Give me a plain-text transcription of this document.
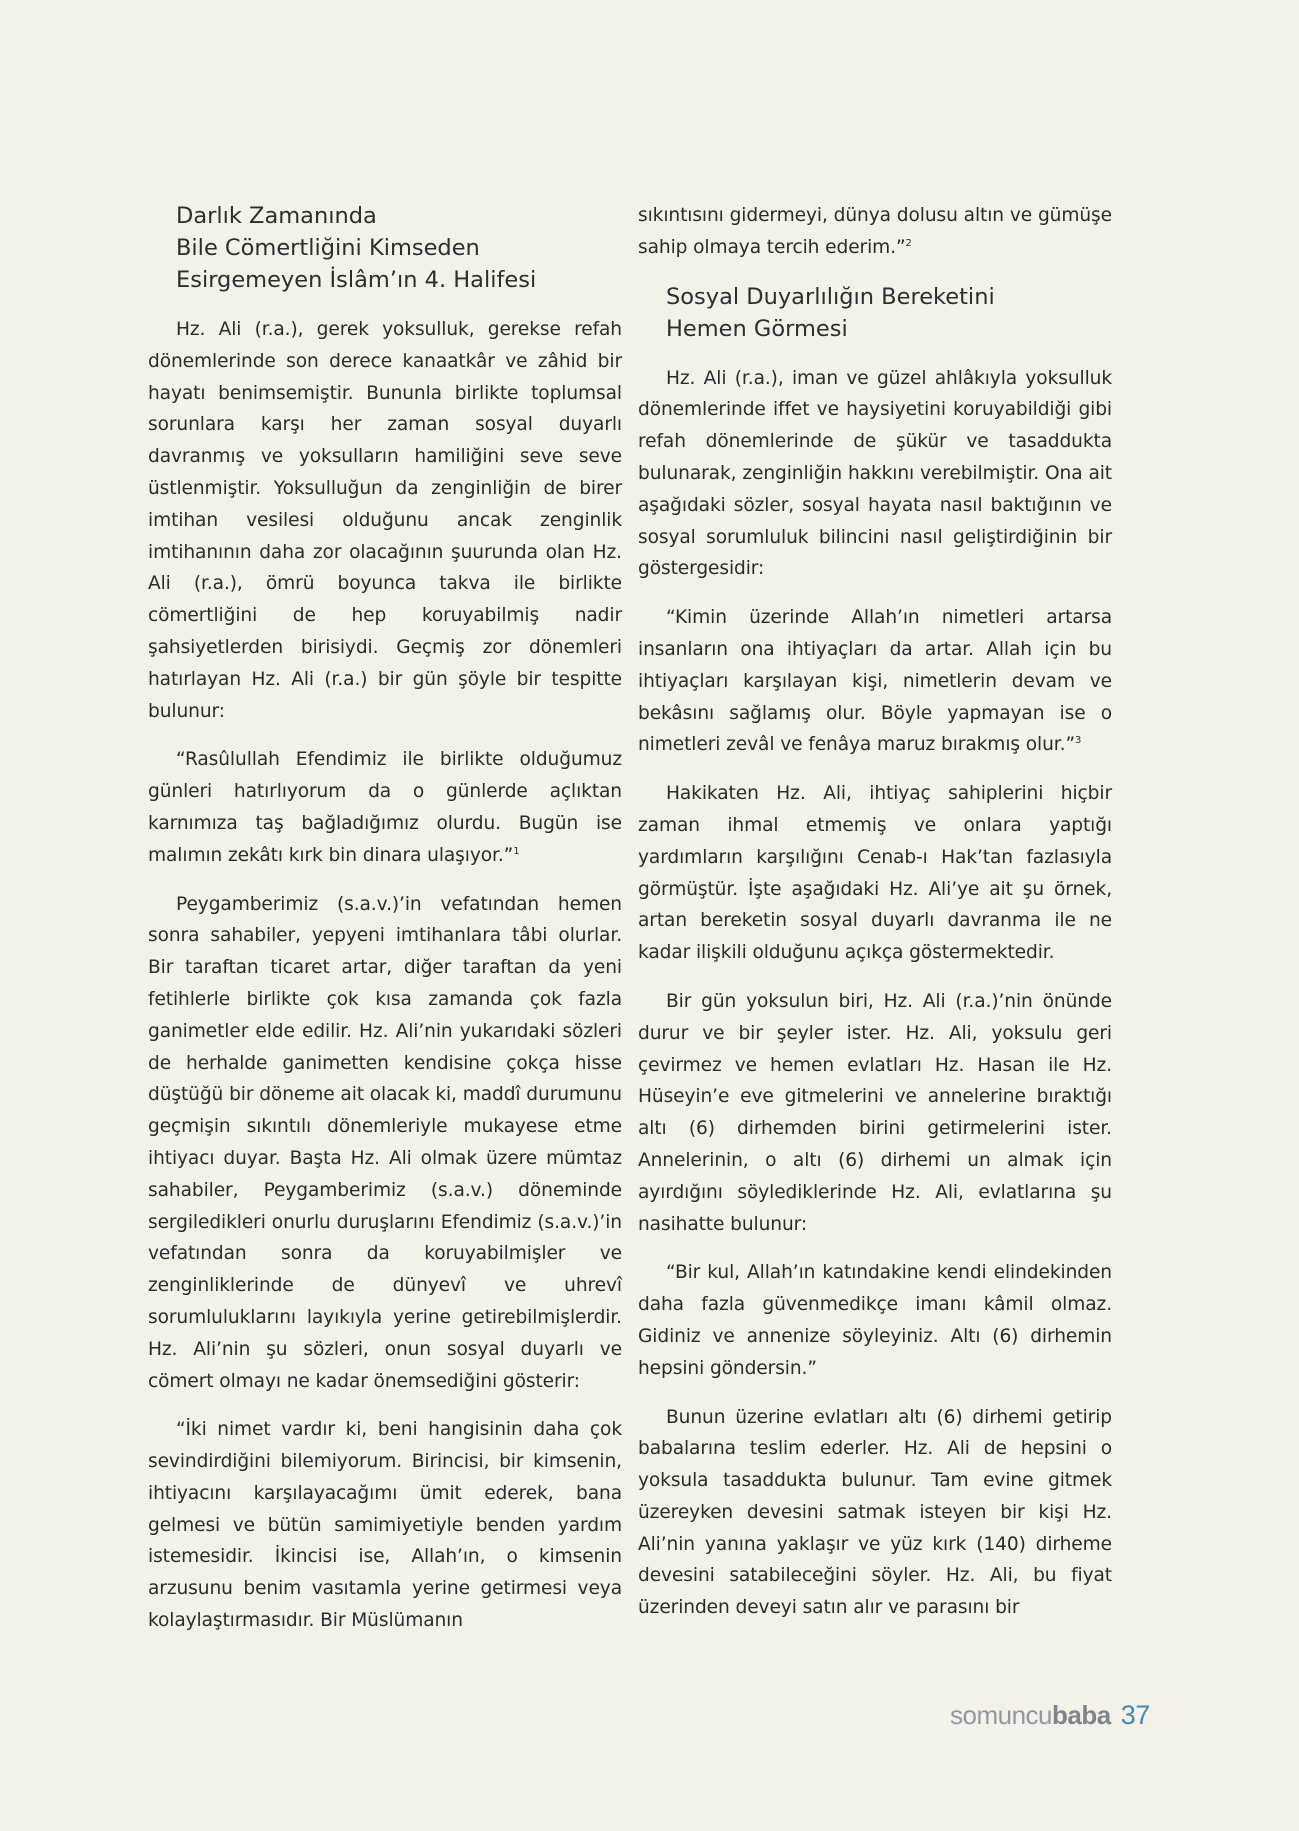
Darlık Zamanında
Bile Cömertliğini Kimseden
Esirgemeyen İslâm’ın 4. Halifesi

Hz. Ali (r.a.), gerek yoksulluk, gerekse refah dönemlerinde son derece kanaatkâr ve zâhid bir hayatı benimsemiştir. Bununla birlikte toplumsal sorunlara karşı her zaman sosyal duyarlı davranmış ve yoksulların hamiliğini seve seve üstlenmiştir. Yoksulluğun da zenginliğin de birer imtihan vesilesi olduğunu ancak zenginlik imtihanının daha zor olacağının şuurunda olan Hz. Ali (r.a.), ömrü boyunca takva ile birlikte cömertliğini de hep koruyabilmiş nadir şahsiyetlerden birisiydi. Geçmiş zor dönemleri hatırlayan Hz. Ali (r.a.) bir gün şöyle bir tespitte bulunur:

“Rasûlullah Efendimiz ile birlikte olduğumuz günleri hatırlıyorum da o günlerde açlıktan karnımıza taş bağladığımız olurdu. Bugün ise malımın zekâtı kırk bin dinara ulaşıyor.”$^1$

Peygamberimiz (s.a.v.)’in vefatından hemen sonra sahabiler, yepyeni imtihanlara tâbi olurlar. Bir taraftan ticaret artar, diğer taraftan da yeni fetihlerle birlikte çok kısa zamanda çok fazla ganimetler elde edilir. Hz. Ali’nin yukarıdaki sözleri de herhalde ganimetten kendisine çokça hisse düştüğü bir döneme ait olacak ki, maddî durumunu geçmişin sıkıntılı dönemleriyle mukayese etme ihtiyacı duyar. Başta Hz. Ali olmak üzere mümtaz sahabiler, Peygamberimiz (s.a.v.) döneminde sergiledikleri onurlu duruşlarını Efendimiz (s.a.v.)’in vefatından sonra da koruyabilmişler ve zenginliklerinde de dünyevî ve uhrevî sorumluluklarını layıkıyla yerine getirebilmişlerdir. Hz. Ali’nin şu sözleri, onun sosyal duyarlı ve cömert olmayı ne kadar önemsediğini gösterir:

“İki nimet vardır ki, beni hangisinin daha çok sevindirdiğini bilemiyorum. Birincisi, bir kimsenin, ihtiyacını karşılayacağımı ümit ederek, bana gelmesi ve bütün samimiyetiyle benden yardım istemesidir. İkincisi ise, Allah’ın, o kimsenin arzusunu benim vasıtamla yerine getirmesi veya kolaylaştırmasıdır. Bir Müslümanın

sıkıntısını gidermeyi, dünya dolusu altın ve gümüşe sahip olmaya tercih ederim.”$^2$

Sosyal Duyarlılığın Bereketini
Hemen Görmesi

Hz. Ali (r.a.), iman ve güzel ahlâkıyla yoksulluk dönemlerinde iffet ve haysiyetini koruyabildiği gibi refah dönemlerinde de şükür ve tasadduktа bulunarak, zenginliğin hakkını verebilmiştir. Ona ait aşağıdaki sözler, sosyal hayata nasıl baktığının ve sosyal sorumluluk bilincini nasıl geliştirdiğinin bir göstergesidir:

“Kimin üzerinde Allah’ın nimetleri artarsa insanların ona ihtiyaçları da artar. Allah için bu ihtiyaçları karşılayan kişi, nimetlerin devam ve bekâsını sağlamış olur. Böyle yapmayan ise o nimetleri zevâl ve fenâya maruz bırakmış olur.”$^3$

Hakikaten Hz. Ali, ihtiyaç sahiplerini hiçbir zaman ihmal etmemiş ve onlara yaptığı yardımların karşılığını Cenab-ı Hak’tan fazlasıyla görmüştür. İşte aşağıdaki Hz. Ali’ye ait şu örnek, artan bereketin sosyal duyarlı davranma ile ne kadar ilişkili olduğunu açıkça göstermektedir.

Bir gün yoksulun biri, Hz. Ali (r.a.)’nin önünde durur ve bir şeyler ister. Hz. Ali, yoksulu geri çevirmez ve hemen evlatları Hz. Hasan ile Hz. Hüseyin’e eve gitmelerini ve annelerine bıraktığı altı (6) dirhemden birini getirmelerini ister. Annelerinin, o altı (6) dirhemi un almak için ayırdığını söylediklerinde Hz. Ali, evlatlarına şu nasihatte bulunur:

“Bir kul, Allah’ın katındakine kendi elindekinden daha fazla güvenmedikçe imanı kâmil olmaz. Gidiniz ve annenize söyleyiniz. Altı (6) dirhemin hepsini göndersin.”

Bunun üzerine evlatları altı (6) dirhemi getirip babalarına teslim ederler. Hz. Ali de hepsini o yoksula tasaddukta bulunur. Tam evine gitmek üzereyken devesini satmak isteyen bir kişi Hz. Ali’nin yanına yaklaşır ve yüz kırk (140) dirheme devesini satabileceğini söyler. Hz. Ali, bu fiyat üzerinden deveyi satın alır ve parasını bir

somuncubaba 37
